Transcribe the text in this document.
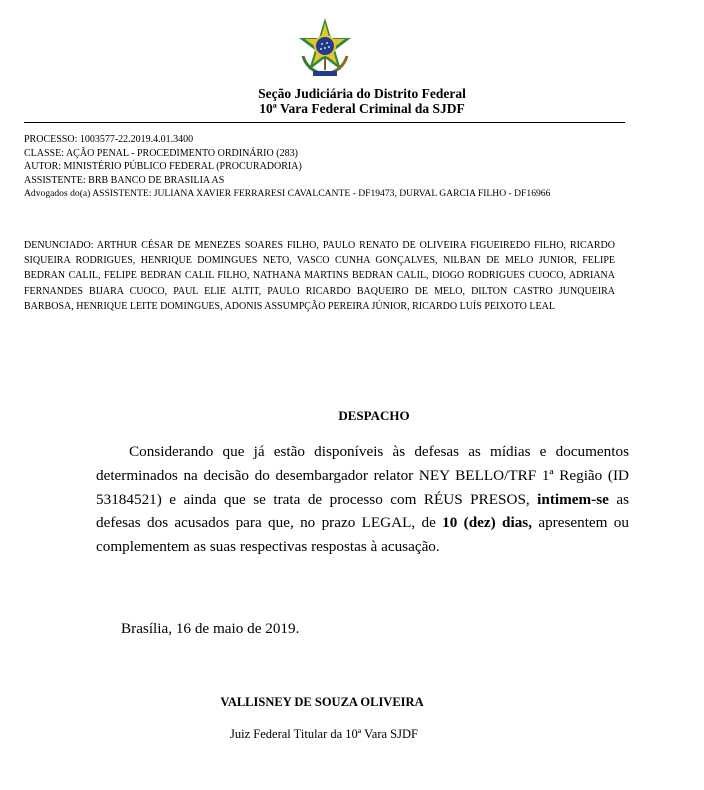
Seção Judiciária do Distrito Federal
10ª Vara Federal Criminal da SJDF
PROCESSO: 1003577-22.2019.4.01.3400
CLASSE: AÇÃO PENAL - PROCEDIMENTO ORDINÁRIO (283)
AUTOR: MINISTÉRIO PÚBLICO FEDERAL (PROCURADORIA)
ASSISTENTE: BRB BANCO DE BRASILIA AS
Advogados do(a) ASSISTENTE: JULIANA XAVIER FERRARESI CAVALCANTE - DF19473, DURVAL GARCIA FILHO - DF16966
DENUNCIADO: ARTHUR CÉSAR DE MENEZES SOARES FILHO, PAULO RENATO DE OLIVEIRA FIGUEIREDO FILHO, RICARDO SIQUEIRA RODRIGUES, HENRIQUE DOMINGUES NETO, VASCO CUNHA GONÇALVES, NILBAN DE MELO JUNIOR, FELIPE BEDRAN CALIL, FELIPE BEDRAN CALIL FILHO, NATHANA MARTINS BEDRAN CALIL, DIOGO RODRIGUES CUOCO, ADRIANA FERNANDES BIJARA CUOCO, PAUL ELIE ALTIT, PAULO RICARDO BAQUEIRO DE MELO, DILTON CASTRO JUNQUEIRA BARBOSA, HENRIQUE LEITE DOMINGUES, ADONIS ASSUMPÇÃO PEREIRA JÚNIOR, RICARDO LUÍS PEIXOTO LEAL
DESPACHO

Considerando que já estão disponíveis às defesas as mídias e documentos determinados na decisão do desembargador relator NEY BELLO/TRF 1ª Região (ID 53184521) e ainda que se trata de processo com RÉUS PRESOS, intimem-se as defesas dos acusados para que, no prazo LEGAL, de 10 (dez) dias, apresentem ou complementem as suas respectivas respostas à acusação.

Brasília, 16 de maio de 2019.
VALLISNEY DE SOUZA OLIVEIRA
Juiz Federal Titular da 10ª Vara SJDF
